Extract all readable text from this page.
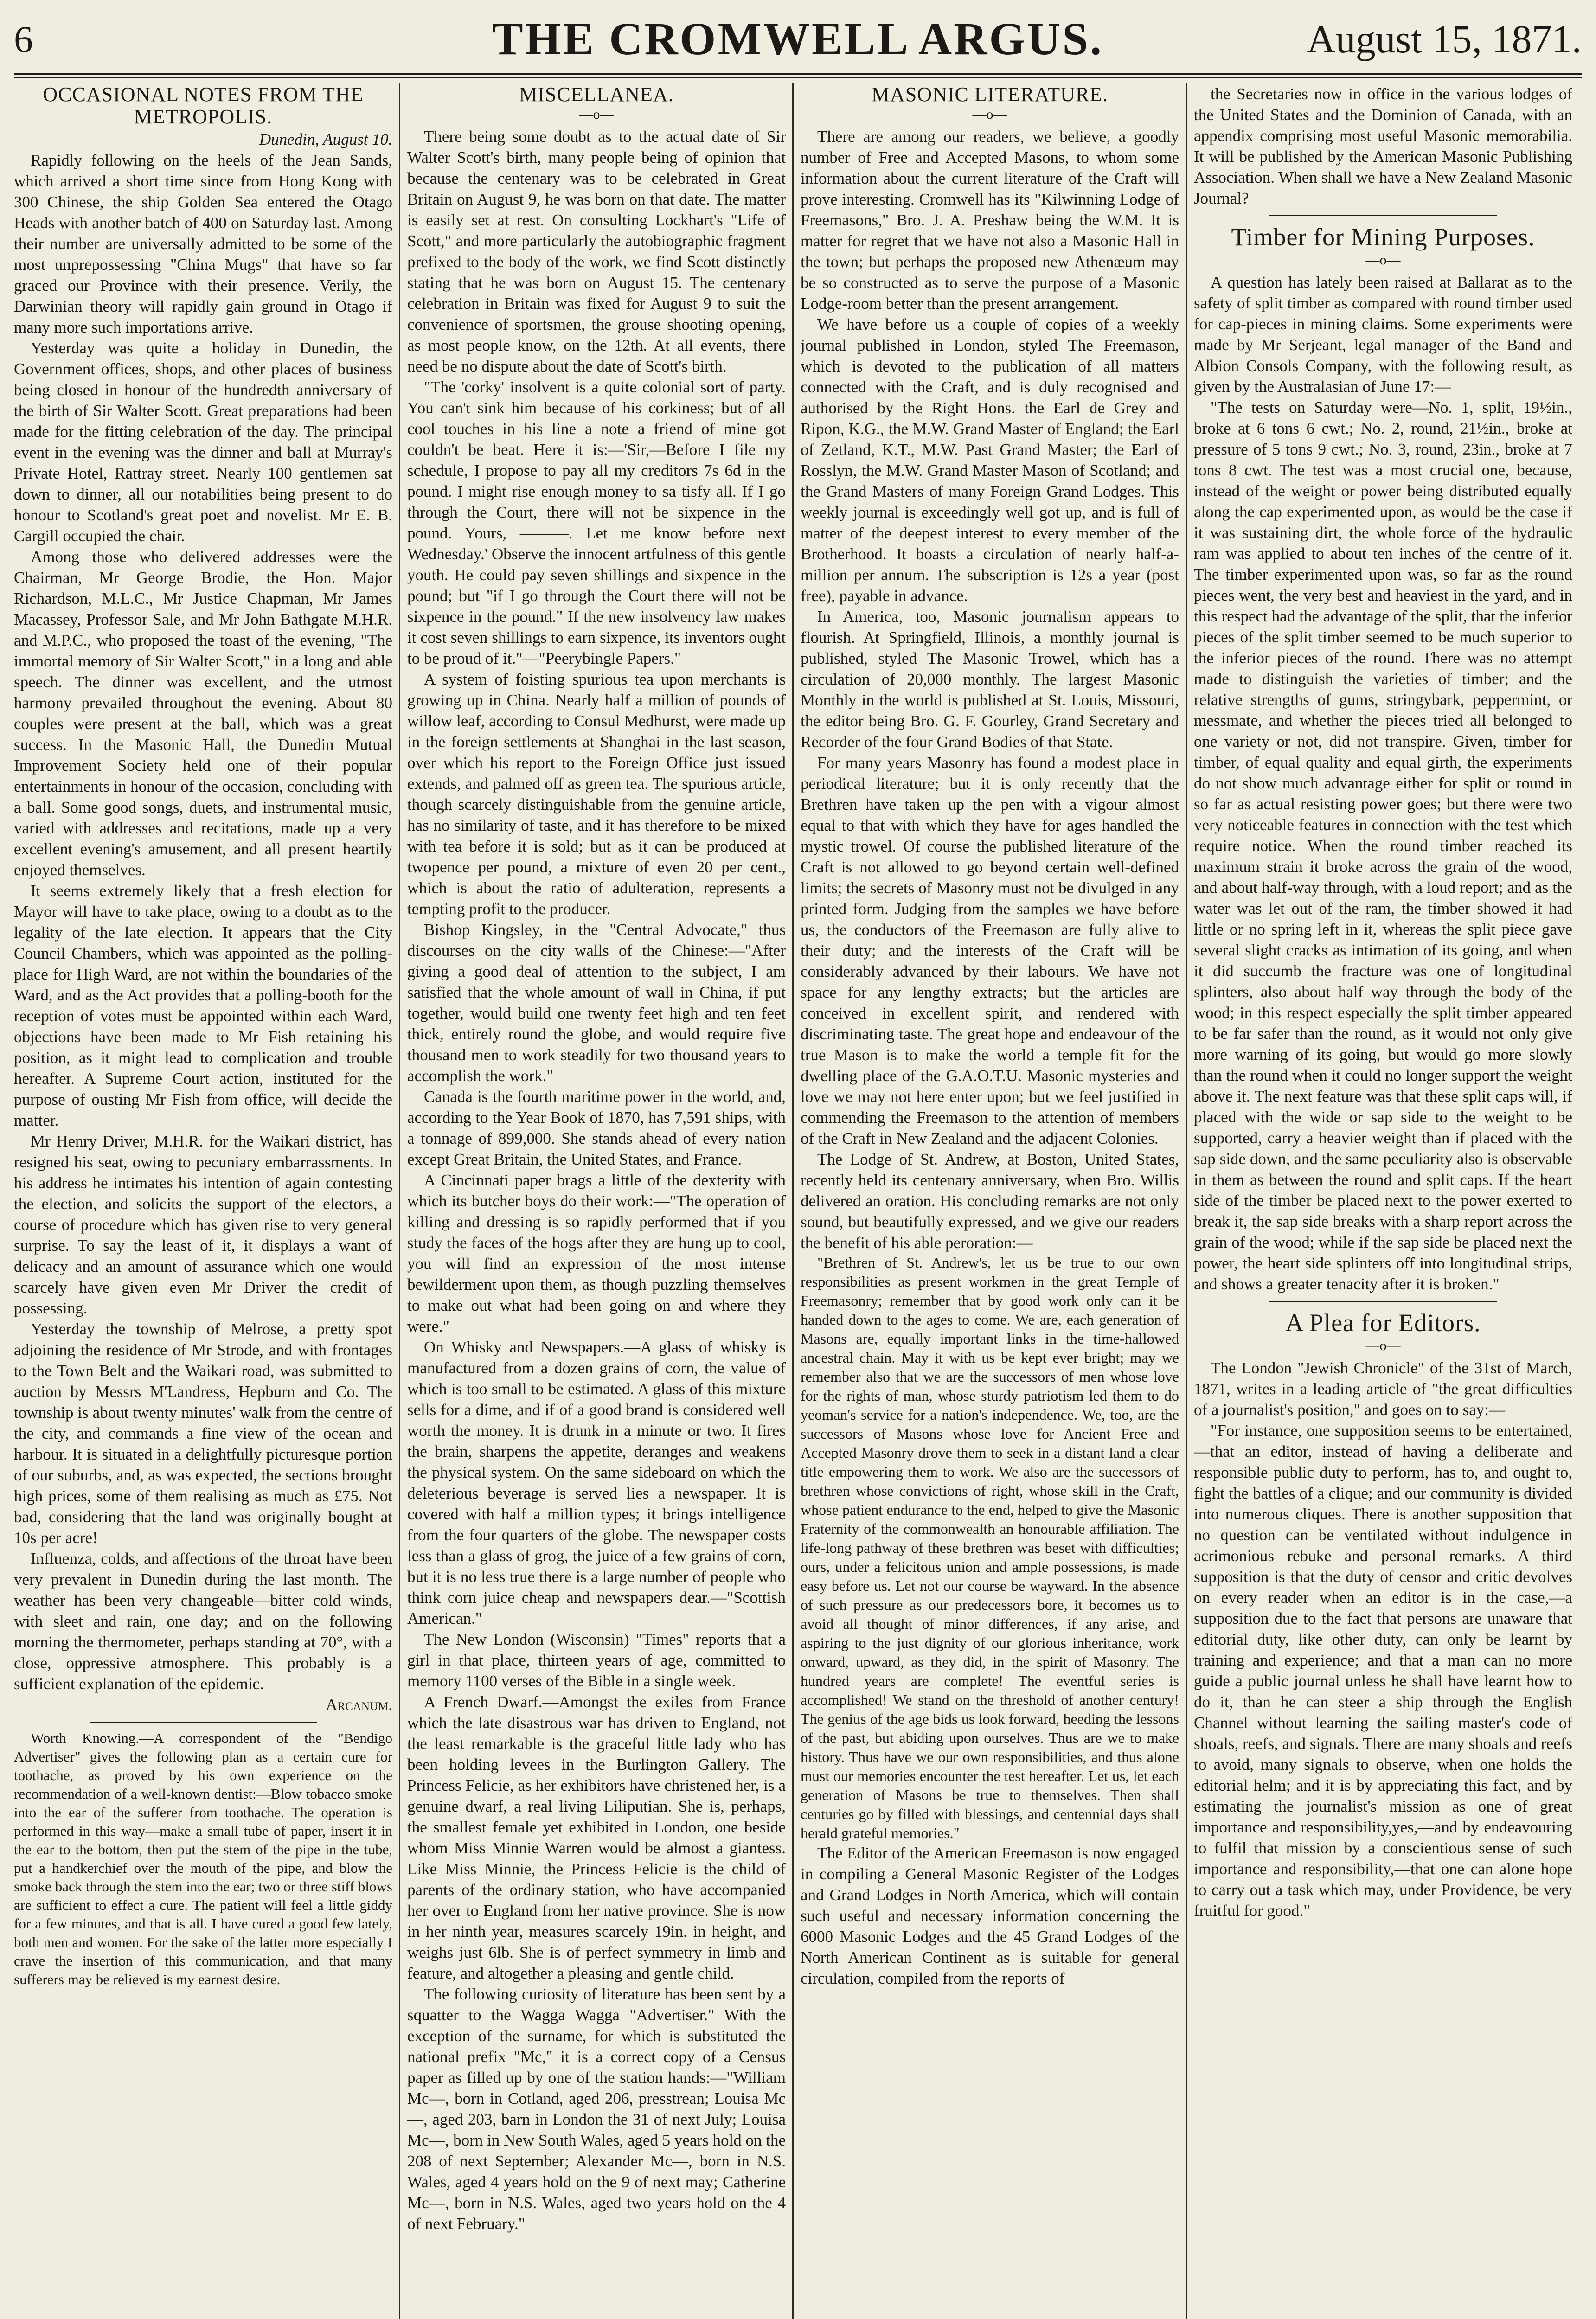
6	THE CROMWELL ARGUS.	August 15, 1871.
OCCASIONAL NOTES FROM THE METROPOLIS.

Dunedin, August 10.

Rapidly following on the heels of the Jean Sands, which arrived a short time since from Hong Kong with 300 Chinese, the ship Golden Sea entered the Otago Heads with another batch of 400 on Saturday last. Among their number are universally admitted to be some of the most unprepossessing "China Mugs" that have so far graced our Province with their presence. Verily, the Darwinian theory will rapidly gain ground in Otago if many more such importations arrive.

Yesterday was quite a holiday in Dunedin, the Government offices, shops, and other places of business being closed in honour of the hundredth anniversary of the birth of Sir Walter Scott. Great preparations had been made for the fitting celebration of the day. The principal event in the evening was the dinner and ball at Murray's Private Hotel, Rattray street. Nearly 100 gentlemen sat down to dinner, all our notabilities being present to do honour to Scotland's great poet and novelist. Mr E. B. Cargill occupied the chair.

Among those who delivered addresses were the Chairman, Mr George Brodie, the Hon. Major Richardson, M.L.C., Mr Justice Chapman, Mr James Macassey, Professor Sale, and Mr John Bathgate M.H.R. and M.P.C., who proposed the toast of the evening, "The immortal memory of Sir Walter Scott," in a long and able speech. The dinner was excellent, and the utmost harmony prevailed throughout the evening. About 80 couples were present at the ball, which was a great success. In the Masonic Hall, the Dunedin Mutual Improvement Society held one of their popular entertainments in honour of the occasion, concluding with a ball. Some good songs, duets, and instrumental music, varied with addresses and recitations, made up a very excellent evening's amusement, and all present heartily enjoyed themselves.

It seems extremely likely that a fresh election for Mayor will have to take place, owing to a doubt as to the legality of the late election. It appears that the City Council Chambers, which was appointed as the polling-place for High Ward, are not within the boundaries of the Ward, and as the Act provides that a polling-booth for the reception of votes must be appointed within each Ward, objections have been made to Mr Fish retaining his position, as it might lead to complication and trouble hereafter. A Supreme Court action, instituted for the purpose of ousting Mr Fish from office, will decide the matter.

Mr Henry Driver, M.H.R. for the Waikari district, has resigned his seat, owing to pecuniary embarrassments. In his address he intimates his intention of again contesting the election, and solicits the support of the electors, a course of procedure which has given rise to very general surprise. To say the least of it, it displays a want of delicacy and an amount of assurance which one would scarcely have given even Mr Driver the credit of possessing.

Yesterday the township of Melrose, a pretty spot adjoining the residence of Mr Strode, and with frontages to the Town Belt and the Waikari road, was submitted to auction by Messrs M'Landress, Hepburn and Co. The township is about twenty minutes' walk from the centre of the city, and commands a fine view of the ocean and harbour. It is situated in a delightfully picturesque portion of our suburbs, and, as was expected, the sections brought high prices, some of them realising as much as £75. Not bad, considering that the land was originally bought at 10s per acre!

Influenza, colds, and affections of the throat have been very prevalent in Dunedin during the last month. The weather has been very changeable—bitter cold winds, with sleet and rain, one day; and on the following morning the thermometer, perhaps standing at 70°, with a close, oppressive atmosphere. This probably is a sufficient explanation of the epidemic.

Arcanum.

Worth Knowing.—A correspondent of the "Bendigo Advertiser" gives the following plan as a certain cure for toothache, as proved by his own experience on the recommendation of a well-known dentist:—Blow tobacco smoke into the ear of the sufferer from toothache. The operation is performed in this way—make a small tube of paper, insert it in the ear to the bottom, then put the stem of the pipe in the tube, put a handkerchief over the mouth of the pipe, and blow the smoke back through the stem into the ear; two or three stiff blows are sufficient to effect a cure. The patient will feel a little giddy for a few minutes, and that is all. I have cured a good few lately, both men and women. For the sake of the latter more especially I crave the insertion of this communication, and that many sufferers may be relieved is my earnest desire.

MISCELLANEA.
—o—

There being some doubt as to the actual date of Sir Walter Scott's birth, many people being of opinion that because the centenary was to be celebrated in Great Britain on August 9, he was born on that date. The matter is easily set at rest. On consulting Lockhart's "Life of Scott," and more particularly the autobiographic fragment prefixed to the body of the work, we find Scott distinctly stating that he was born on August 15. The centenary celebration in Britain was fixed for August 9 to suit the convenience of sportsmen, the grouse shooting opening, as most people know, on the 12th. At all events, there need be no dispute about the date of Scott's birth.

"The 'corky' insolvent is a quite colonial sort of party. You can't sink him because of his corkiness; but of all cool touches in his line a note a friend of mine got couldn't be beat. Here it is:—'Sir,—Before I file my schedule, I propose to pay all my creditors 7s 6d in the pound. I might rise enough money to sa tisfy all. If I go through the Court, there will not be sixpence in the pound. Yours, ———. Let me know before next Wednesday.' Observe the innocent artfulness of this gentle youth. He could pay seven shillings and sixpence in the pound; but "if I go through the Court there will not be sixpence in the pound." If the new insolvency law makes it cost seven shillings to earn sixpence, its inventors ought to be proud of it."—"Peerybingle Papers."

A system of foisting spurious tea upon merchants is growing up in China. Nearly half a million of pounds of willow leaf, according to Consul Medhurst, were made up in the foreign settlements at Shanghai in the last season, over which his report to the Foreign Office just issued extends, and palmed off as green tea. The spurious article, though scarcely distinguishable from the genuine article, has no similarity of taste, and it has therefore to be mixed with tea before it is sold; but as it can be produced at twopence per pound, a mixture of even 20 per cent., which is about the ratio of adulteration, represents a tempting profit to the producer.

Bishop Kingsley, in the "Central Advocate," thus discourses on the city walls of the Chinese:—"After giving a good deal of attention to the subject, I am satisfied that the whole amount of wall in China, if put together, would build one twenty feet high and ten feet thick, entirely round the globe, and would require five thousand men to work steadily for two thousand years to accomplish the work."

Canada is the fourth maritime power in the world, and, according to the Year Book of 1870, has 7,591 ships, with a tonnage of 899,000. She stands ahead of every nation except Great Britain, the United States, and France.

A Cincinnati paper brags a little of the dexterity with which its butcher boys do their work:—"The operation of killing and dressing is so rapidly performed that if you study the faces of the hogs after they are hung up to cool, you will find an expression of the most intense bewilderment upon them, as though puzzling themselves to make out what had been going on and where they were."

On Whisky and Newspapers.—A glass of whisky is manufactured from a dozen grains of corn, the value of which is too small to be estimated. A glass of this mixture sells for a dime, and if of a good brand is considered well worth the money. It is drunk in a minute or two. It fires the brain, sharpens the appetite, deranges and weakens the physical system. On the same sideboard on which the deleterious beverage is served lies a newspaper. It is covered with half a million types; it brings intelligence from the four quarters of the globe. The newspaper costs less than a glass of grog, the juice of a few grains of corn, but it is no less true there is a large number of people who think corn juice cheap and newspapers dear.—"Scottish American."

The New London (Wisconsin) "Times" reports that a girl in that place, thirteen years of age, committed to memory 1100 verses of the Bible in a single week.

A French Dwarf.—Amongst the exiles from France which the late disastrous war has driven to England, not the least remarkable is the graceful little lady who has been holding levees in the Burlington Gallery. The Princess Felicie, as her exhibitors have christened her, is a genuine dwarf, a real living Liliputian. She is, perhaps, the smallest female yet exhibited in London, one beside whom Miss Minnie Warren would be almost a giantess. Like Miss Minnie, the Princess Felicie is the child of parents of the ordinary station, who have accompanied her over to England from her native province. She is now in her ninth year, measures scarcely 19in. in height, and weighs just 6lb. She is of perfect symmetry in limb and feature, and altogether a pleasing and gentle child.

The following curiosity of literature has been sent by a squatter to the Wagga Wagga "Advertiser." With the exception of the surname, for which is substituted the national prefix "Mc," it is a correct copy of a Census paper as filled up by one of the station hands:—"William Mc—, born in Cotland, aged 206, presstrean; Louisa Mc—, aged 203, barn in London the 31 of next July; Louisa Mc—, born in New South Wales, aged 5 years hold on the 208 of next September; Alexander Mc—, born in N.S. Wales, aged 4 years hold on the 9 of next may; Catherine Mc—, born in N.S. Wales, aged two years hold on the 4 of next February."

MASONIC LITERATURE.
—o—

There are among our readers, we believe, a goodly number of Free and Accepted Masons, to whom some information about the current literature of the Craft will prove interesting. Cromwell has its "Kilwinning Lodge of Freemasons," Bro. J. A. Preshaw being the W.M. It is matter for regret that we have not also a Masonic Hall in the town; but perhaps the proposed new Athenæum may be so constructed as to serve the purpose of a Masonic Lodge-room better than the present arrangement.

We have before us a couple of copies of a weekly journal published in London, styled The Freemason, which is devoted to the publication of all matters connected with the Craft, and is duly recognised and authorised by the Right Hons. the Earl de Grey and Ripon, K.G., the M.W. Grand Master of England; the Earl of Zetland, K.T., M.W. Past Grand Master; the Earl of Rosslyn, the M.W. Grand Master Mason of Scotland; and the Grand Masters of many Foreign Grand Lodges. This weekly journal is exceedingly well got up, and is full of matter of the deepest interest to every member of the Brotherhood. It boasts a circulation of nearly half-a-million per annum. The subscription is 12s a year (post free), payable in advance.

In America, too, Masonic journalism appears to flourish. At Springfield, Illinois, a monthly journal is published, styled The Masonic Trowel, which has a circulation of 20,000 monthly. The largest Masonic Monthly in the world is published at St. Louis, Missouri, the editor being Bro. G. F. Gourley, Grand Secretary and Recorder of the four Grand Bodies of that State.

For many years Masonry has found a modest place in periodical literature; but it is only recently that the Brethren have taken up the pen with a vigour almost equal to that with which they have for ages handled the mystic trowel. Of course the published literature of the Craft is not allowed to go beyond certain well-defined limits; the secrets of Masonry must not be divulged in any printed form. Judging from the samples we have before us, the conductors of the Freemason are fully alive to their duty; and the interests of the Craft will be considerably advanced by their labours. We have not space for any lengthy extracts; but the articles are conceived in excellent spirit, and rendered with discriminating taste. The great hope and endeavour of the true Mason is to make the world a temple fit for the dwelling place of the G.A.O.T.U. Masonic mysteries and love we may not here enter upon; but we feel justified in commending the Freemason to the attention of members of the Craft in New Zealand and the adjacent Colonies.

The Lodge of St. Andrew, at Boston, United States, recently held its centenary anniversary, when Bro. Willis delivered an oration. His concluding remarks are not only sound, but beautifully expressed, and we give our readers the benefit of his able peroration:—

"Brethren of St. Andrew's, let us be true to our own responsibilities as present workmen in the great Temple of Freemasonry; remember that by good work only can it be handed down to the ages to come. We are, each generation of Masons are, equally important links in the time-hallowed ancestral chain. May it with us be kept ever bright; may we remember also that we are the successors of men whose love for the rights of man, whose sturdy patriotism led them to do yeoman's service for a nation's independence. We, too, are the successors of Masons whose love for Ancient Free and Accepted Masonry drove them to seek in a distant land a clear title empowering them to work. We also are the successors of brethren whose convictions of right, whose skill in the Craft, whose patient endurance to the end, helped to give the Masonic Fraternity of the commonwealth an honourable affiliation. The life-long pathway of these brethren was beset with difficulties; ours, under a felicitous union and ample possessions, is made easy before us. Let not our course be wayward. In the absence of such pressure as our predecessors bore, it becomes us to avoid all thought of minor differences, if any arise, and aspiring to the just dignity of our glorious inheritance, work onward, upward, as they did, in the spirit of Masonry. The hundred years are complete! The eventful series is accomplished! We stand on the threshold of another century! The genius of the age bids us look forward, heeding the lessons of the past, but abiding upon ourselves. Thus are we to make history. Thus have we our own responsibilities, and thus alone must our memories encounter the test hereafter. Let us, let each generation of Masons be true to themselves. Then shall centuries go by filled with blessings, and centennial days shall herald grateful memories."

The Editor of the American Freemason is now engaged in compiling a General Masonic Register of the Lodges and Grand Lodges in North America, which will contain such useful and necessary information concerning the 6000 Masonic Lodges and the 45 Grand Lodges of the North American Continent as is suitable for general circulation, compiled from the reports of

the Secretaries now in office in the various lodges of the United States and the Dominion of Canada, with an appendix comprising most useful Masonic memorabilia. It will be published by the American Masonic Publishing Association. When shall we have a New Zealand Masonic Journal?

Timber for Mining Purposes.
—o—

A question has lately been raised at Ballarat as to the safety of split timber as compared with round timber used for cap-pieces in mining claims. Some experiments were made by Mr Serjeant, legal manager of the Band and Albion Consols Company, with the following result, as given by the Australasian of June 17:—

"The tests on Saturday were—No. 1, split, 19½in., broke at 6 tons 6 cwt.; No. 2, round, 21½in., broke at pressure of 5 tons 9 cwt.; No. 3, round, 23in., broke at 7 tons 8 cwt. The test was a most crucial one, because, instead of the weight or power being distributed equally along the cap experimented upon, as would be the case if it was sustaining dirt, the whole force of the hydraulic ram was applied to about ten inches of the centre of it. The timber experimented upon was, so far as the round pieces went, the very best and heaviest in the yard, and in this respect had the advantage of the split, that the inferior pieces of the split timber seemed to be much superior to the inferior pieces of the round. There was no attempt made to distinguish the varieties of timber; and the relative strengths of gums, stringybark, peppermint, or messmate, and whether the pieces tried all belonged to one variety or not, did not transpire. Given, timber for timber, of equal quality and equal girth, the experiments do not show much advantage either for split or round in so far as actual resisting power goes; but there were two very noticeable features in connection with the test which require notice. When the round timber reached its maximum strain it broke across the grain of the wood, and about half-way through, with a loud report; and as the water was let out of the ram, the timber showed it had little or no spring left in it, whereas the split piece gave several slight cracks as intimation of its going, and when it did succumb the fracture was one of longitudinal splinters, also about half way through the body of the wood; in this respect especially the split timber appeared to be far safer than the round, as it would not only give more warning of its going, but would go more slowly than the round when it could no longer support the weight above it. The next feature was that these split caps will, if placed with the wide or sap side to the weight to be supported, carry a heavier weight than if placed with the sap side down, and the same peculiarity also is observable in them as between the round and split caps. If the heart side of the timber be placed next to the power exerted to break it, the sap side breaks with a sharp report across the grain of the wood; while if the sap side be placed next the power, the heart side splinters off into longitudinal strips, and shows a greater tenacity after it is broken."

A Plea for Editors.
—o—

The London "Jewish Chronicle" of the 31st of March, 1871, writes in a leading article of "the great difficulties of a journalist's position," and goes on to say:—

"For instance, one supposition seems to be entertained,—that an editor, instead of having a deliberate and responsible public duty to perform, has to, and ought to, fight the battles of a clique; and our community is divided into numerous cliques. There is another supposition that no question can be ventilated without indulgence in acrimonious rebuke and personal remarks. A third supposition is that the duty of censor and critic devolves on every reader when an editor is in the case,—a supposition due to the fact that persons are unaware that editorial duty, like other duty, can only be learnt by training and experience; and that a man can no more guide a public journal unless he shall have learnt how to do it, than he can steer a ship through the English Channel without learning the sailing master's code of shoals, reefs, and signals. There are many shoals and reefs to avoid, many signals to observe, when one holds the editorial helm; and it is by appreciating this fact, and by estimating the journalist's mission as one of great importance and responsibility,yes,—and by endeavouring to fulfil that mission by a conscientious sense of such importance and responsibility,—that one can alone hope to carry out a task which may, under Providence, be very fruitful for good."
